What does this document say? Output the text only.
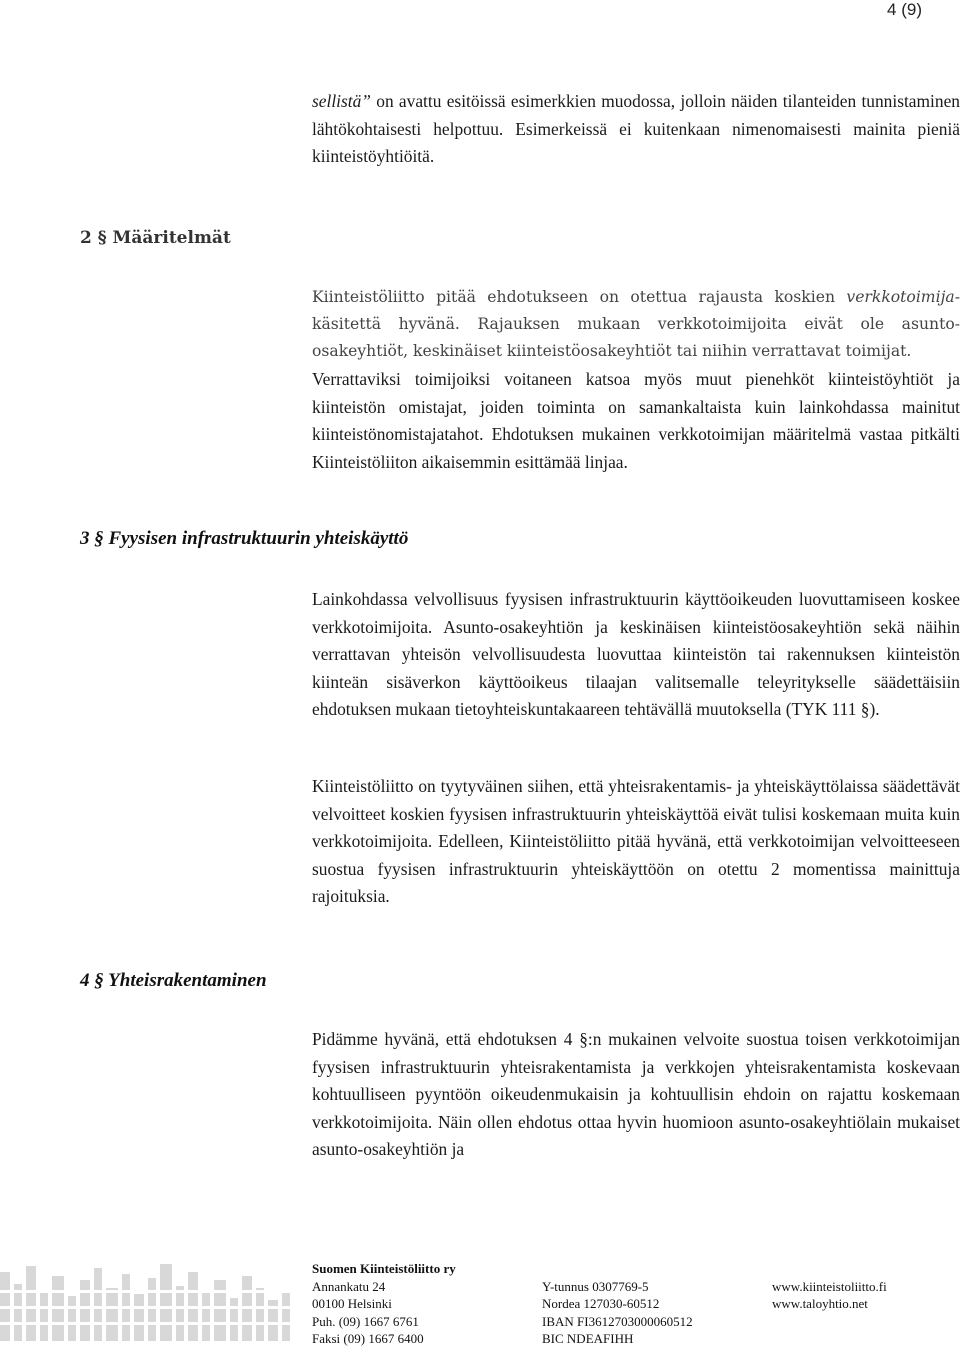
4 (9)

sellistä” on avattu esitöissä esimerkkien muodossa, jolloin näiden tilanteiden tunnistaminen lähtökohtaisesti helpottuu. Esimerkeissä ei kuitenkaan nimenomaisesti mainita pieniä kiinteistöyhtiöitä.

2 § Määritelmät

Kiinteistöliitto pitää ehdotukseen on otettua rajausta koskien verkkotoimija-käsitettä hyvänä. Rajauksen mukaan verkkotoimijoita eivät ole asunto-osakeyhtiöt, keskinäiset kiinteistöosakeyhtiöt tai niihin verrattavat toimijat.

Verrattaviksi toimijoiksi voitaneen katsoa myös muut pienehköt kiinteistöyhtiöt ja kiinteistön omistajat, joiden toiminta on samankaltaista kuin lainkohdassa mainitut kiinteistönomistajatahot. Ehdotuksen mukainen verkkotoimijan määritelmä vastaa pitkälti Kiinteistöliiton aikaisemmin esittämää linjaa.

3 § Fyysisen infrastruktuurin yhteiskäyttö

Lainkohdassa velvollisuus fyysisen infrastruktuurin käyttöoikeuden luovuttamiseen koskee verkkotoimijoita. Asunto-osakeyhtiön ja keskinäisen kiinteistöosakeyhtiön sekä näihin verrattavan yhteisön velvollisuudesta luovuttaa kiinteistön tai rakennuksen kiinteistön kiinteän sisäverkon käyttöoikeus tilaajan valitsemalle teleyritykselle säädettäisiin ehdotuksen mukaan tietoyhteiskuntakaareen tehtävällä muutoksella (TYK 111 §).

Kiinteistöliitto on tyytyväinen siihen, että yhteisrakentamis- ja yhteiskäyttölaissa säädettävät velvoitteet koskien fyysisen infrastruktuurin yhteiskäyttöä eivät tulisi koskemaan muita kuin verkkotoimijoita. Edelleen, Kiinteistöliitto pitää hyvänä, että verkkotoimijan velvoitteeseen suostua fyysisen infrastruktuurin yhteiskäyttöön on otettu 2 momentissa mainittuja rajoituksia.

4 § Yhteisrakentaminen

Pidämme hyvänä, että ehdotuksen 4 §:n mukainen velvoite suostua toisen verkkotoimijan fyysisen infrastruktuurin yhteisrakentamista ja verkkojen yhteisrakentamista koskevaan kohtuulliseen pyyntöön oikeudenmukaisin ja kohtuullisin ehdoin on rajattu koskemaan verkkotoimijoita. Näin ollen ehdotus ottaa hyvin huomioon asunto-osakeyhtiölain mukaiset asunto-osakeyhtiön ja

Suomen Kiinteistöliitto ry
Annankatu 24
00100 Helsinki
Puh. (09) 1667 6761
Faksi (09) 1667 6400
Y-tunnus 0307769-5
Nordea 127030-60512
IBAN FI3612703000060512
BIC NDEAFIHH
www.kiinteistoliitto.fi
www.taloyhtio.net
